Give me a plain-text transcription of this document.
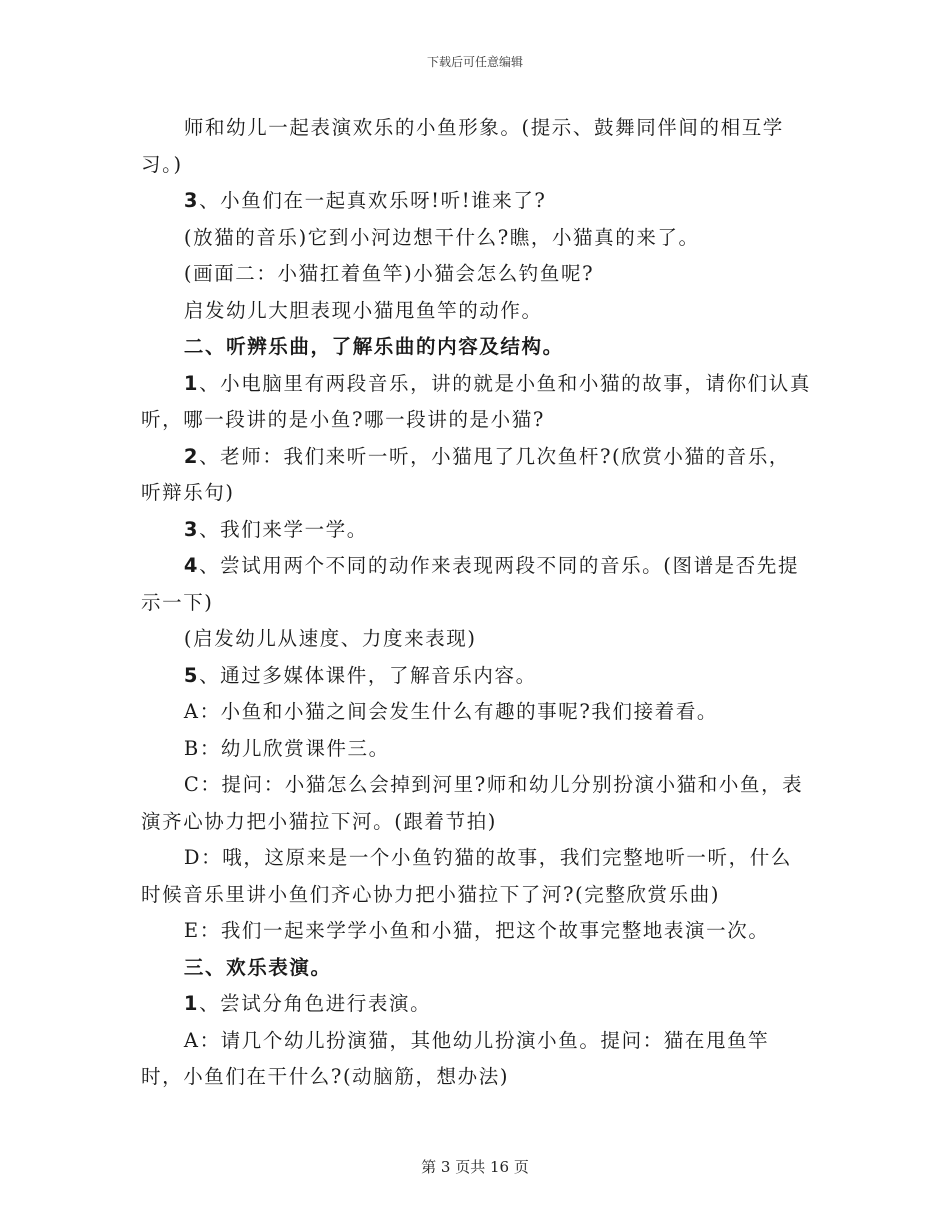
下载后可任意编辑

师和幼儿一起表演欢乐的小鱼形象。(提示、鼓舞同伴间的相互学习。)

3、小鱼们在一起真欢乐呀!听!谁来了?

(放猫的音乐)它到小河边想干什么?瞧，小猫真的来了。

(画面二：小猫扛着鱼竿)小猫会怎么钓鱼呢?

启发幼儿大胆表现小猫甩鱼竿的动作。

二、听辨乐曲，了解乐曲的内容及结构。

1、小电脑里有两段音乐，讲的就是小鱼和小猫的故事，请你们认真听，哪一段讲的是小鱼?哪一段讲的是小猫?

2、老师：我们来听一听，小猫甩了几次鱼杆?(欣赏小猫的音乐，听辩乐句)

3、我们来学一学。

4、尝试用两个不同的动作来表现两段不同的音乐。(图谱是否先提示一下)

(启发幼儿从速度、力度来表现)

5、通过多媒体课件，了解音乐内容。

A：小鱼和小猫之间会发生什么有趣的事呢?我们接着看。

B：幼儿欣赏课件三。

C：提问：小猫怎么会掉到河里?师和幼儿分别扮演小猫和小鱼，表演齐心协力把小猫拉下河。(跟着节拍)

D：哦，这原来是一个小鱼钓猫的故事，我们完整地听一听，什么时候音乐里讲小鱼们齐心协力把小猫拉下了河?(完整欣赏乐曲)

E：我们一起来学学小鱼和小猫，把这个故事完整地表演一次。

三、欢乐表演。

1、尝试分角色进行表演。

A：请几个幼儿扮演猫，其他幼儿扮演小鱼。提问：猫在甩鱼竿时，小鱼们在干什么?(动脑筋，想办法)

第 3 页共 16 页
